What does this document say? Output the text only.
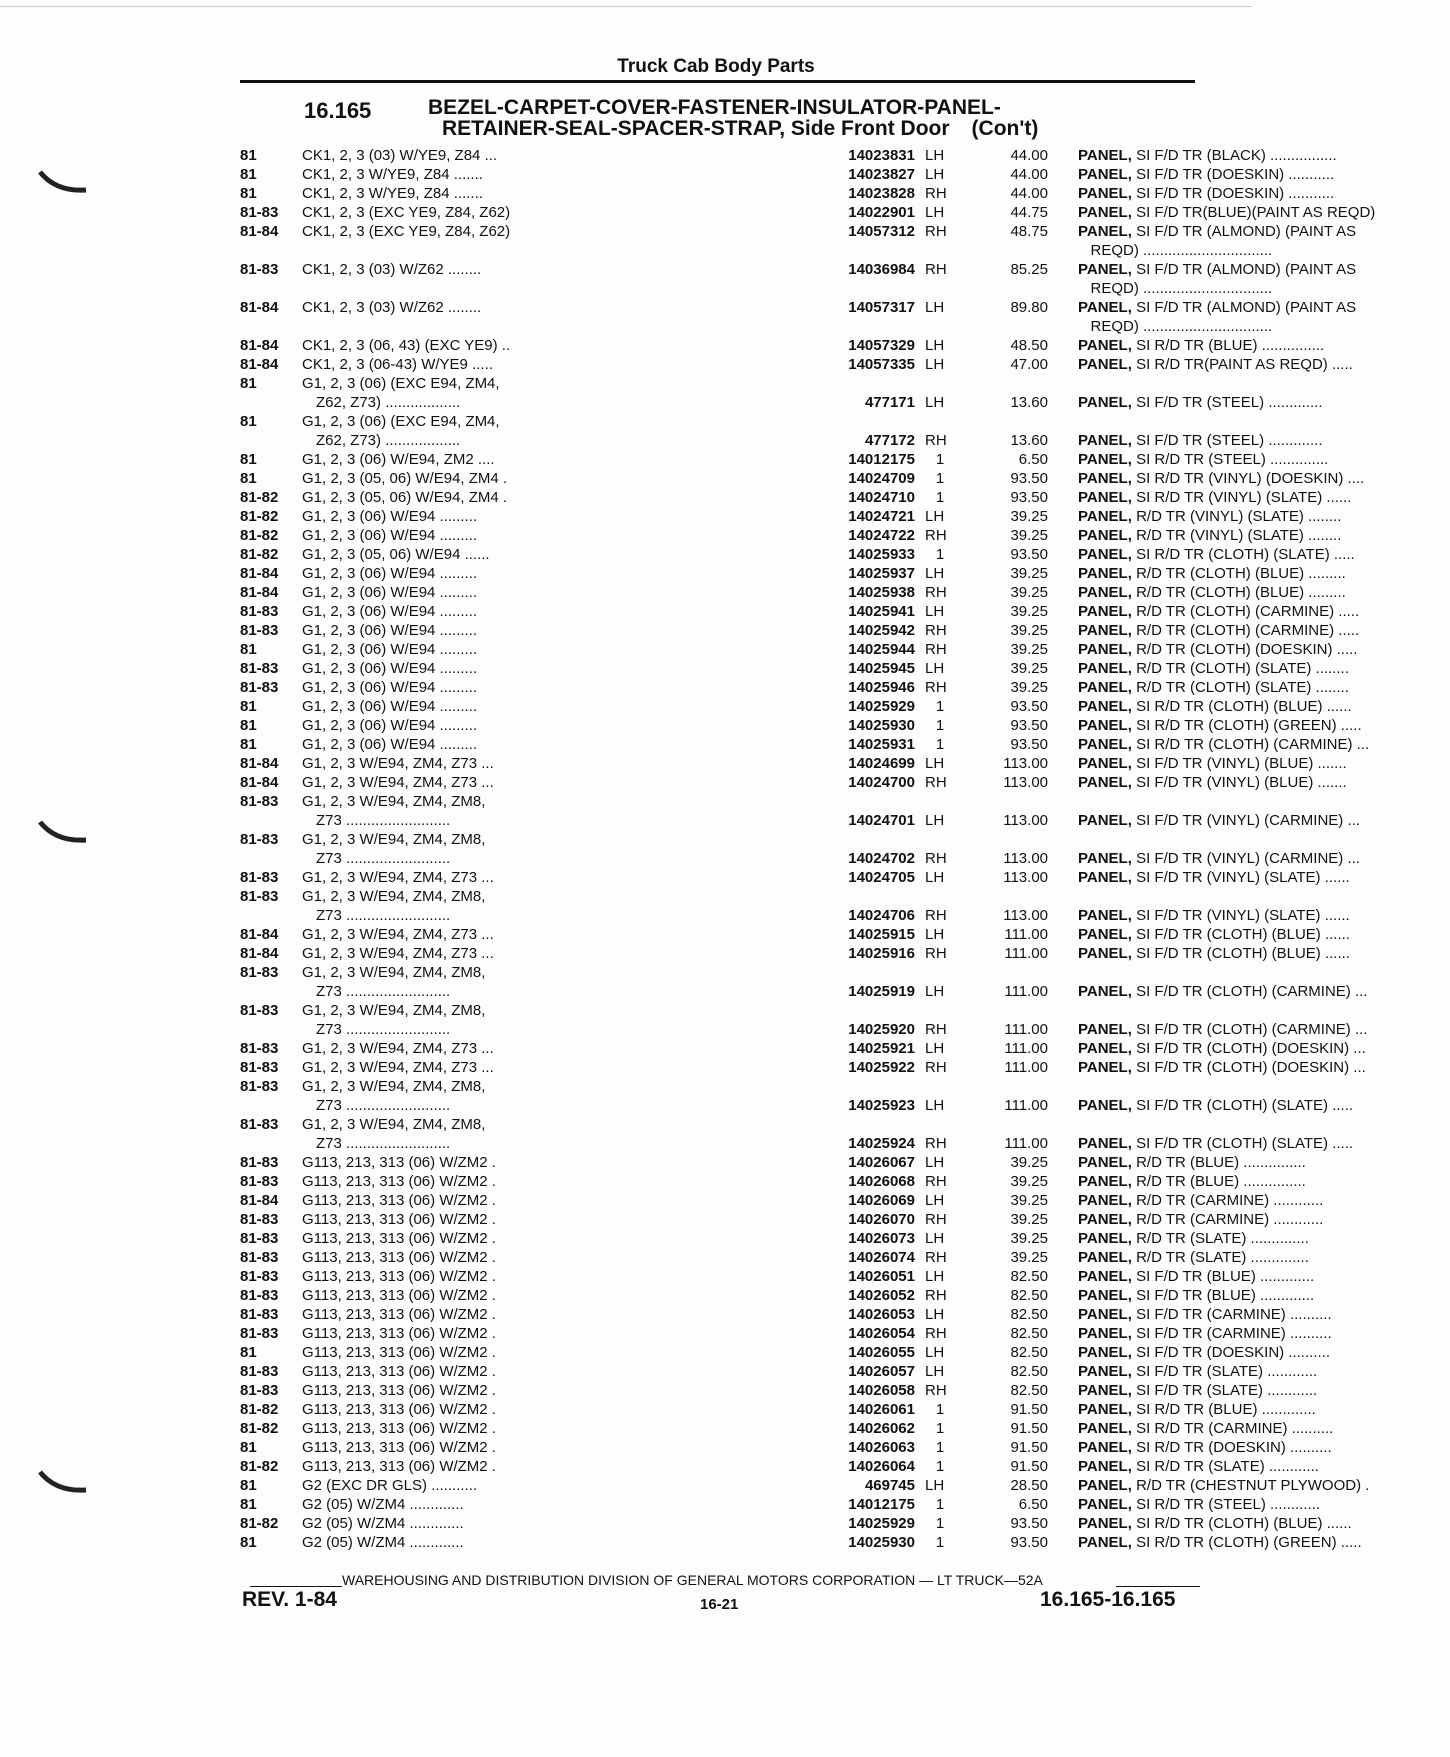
Truck Cab Body Parts
16.165	BEZEL-CARPET-COVER-FASTENER-INSULATOR-PANEL-
RETAINER-SEAL-SPACER-STRAP, Side Front Door (Con't)
81	CK1, 2, 3 (03) W/YE9, Z84 ...	14023831 LH	44.00 PANEL, SI F/D TR (BLACK) ................
81	CK1, 2, 3 W/YE9, Z84 .......	14023827 LH	44.00 PANEL, SI F/D TR (DOESKIN) ...........
81	CK1, 2, 3 W/YE9, Z84 .......	14023828 RH	44.00 PANEL, SI F/D TR (DOESKIN) ...........
81-83	CK1, 2, 3 (EXC YE9, Z84, Z62)	14022901 LH	44.75 PANEL, SI F/D TR(BLUE)(PAINT AS REQD)
81-84	CK1, 2, 3 (EXC YE9, Z84, Z62)	14057312 RH	48.75 PANEL, SI F/D TR (ALMOND) (PAINT AS
REQD) ...............................
81-83	CK1, 2, 3 (03) W/Z62 ........	14036984 RH	85.25 PANEL, SI F/D TR (ALMOND) (PAINT AS
REQD) ...............................
81-84	CK1, 2, 3 (03) W/Z62 ........	14057317 LH	89.80 PANEL, SI F/D TR (ALMOND) (PAINT AS
REQD) ...............................
81-84	CK1, 2, 3 (06, 43) (EXC YE9) ..	14057329 LH	48.50 PANEL, SI R/D TR (BLUE) ...............
81-84	CK1, 2, 3 (06-43) W/YE9 .....	14057335 LH	47.00 PANEL, SI R/D TR(PAINT AS REQD) .....
81	G1, 2, 3 (06) (EXC E94, ZM4,
Z62, Z73) ..................	477171 LH	13.60 PANEL, SI F/D TR (STEEL) .............
81	G1, 2, 3 (06) (EXC E94, ZM4,
Z62, Z73) ..................	477172 RH	13.60 PANEL, SI F/D TR (STEEL) .............
81	G1, 2, 3 (06) W/E94, ZM2 ....	14012175	1	6.50 PANEL, SI R/D TR (STEEL) ..............
81	G1, 2, 3 (05, 06) W/E94, ZM4 .	14024709	1	93.50 PANEL, SI R/D TR (VINYL) (DOESKIN) ....
81-82	G1, 2, 3 (05, 06) W/E94, ZM4 .	14024710	1	93.50 PANEL, SI R/D TR (VINYL) (SLATE) ......
81-82	G1, 2, 3 (06) W/E94 .........	14024721 LH	39.25 PANEL, R/D TR (VINYL) (SLATE) ........
81-82	G1, 2, 3 (06) W/E94 .........	14024722 RH	39.25 PANEL, R/D TR (VINYL) (SLATE) ........
81-82	G1, 2, 3 (05, 06) W/E94 ......	14025933	1	93.50 PANEL, SI R/D TR (CLOTH) (SLATE) .....
81-84	G1, 2, 3 (06) W/E94 .........	14025937 LH	39.25 PANEL, R/D TR (CLOTH) (BLUE) .........
81-84	G1, 2, 3 (06) W/E94 .........	14025938 RH	39.25 PANEL, R/D TR (CLOTH) (BLUE) .........
81-83	G1, 2, 3 (06) W/E94 .........	14025941 LH	39.25 PANEL, R/D TR (CLOTH) (CARMINE) .....
81-83	G1, 2, 3 (06) W/E94 .........	14025942 RH	39.25 PANEL, R/D TR (CLOTH) (CARMINE) .....
81	G1, 2, 3 (06) W/E94 .........	14025944 RH	39.25 PANEL, R/D TR (CLOTH) (DOESKIN) .....
81-83	G1, 2, 3 (06) W/E94 .........	14025945 LH	39.25 PANEL, R/D TR (CLOTH) (SLATE) ........
81-83	G1, 2, 3 (06) W/E94 .........	14025946 RH	39.25 PANEL, R/D TR (CLOTH) (SLATE) ........
81	G1, 2, 3 (06) W/E94 .........	14025929	1	93.50 PANEL, SI R/D TR (CLOTH) (BLUE) ......
81	G1, 2, 3 (06) W/E94 .........	14025930	1	93.50 PANEL, SI R/D TR (CLOTH) (GREEN) .....
81	G1, 2, 3 (06) W/E94 .........	14025931	1	93.50 PANEL, SI R/D TR (CLOTH) (CARMINE) ...
81-84	G1, 2, 3 W/E94, ZM4, Z73 ...	14024699 LH	113.00 PANEL, SI F/D TR (VINYL) (BLUE) .......
81-84	G1, 2, 3 W/E94, ZM4, Z73 ...	14024700 RH	113.00 PANEL, SI F/D TR (VINYL) (BLUE) .......
81-83	G1, 2, 3 W/E94, ZM4, ZM8,
Z73 .........................	14024701 LH	113.00 PANEL, SI F/D TR (VINYL) (CARMINE) ...
81-83	G1, 2, 3 W/E94, ZM4, ZM8,
Z73 .........................	14024702 RH	113.00 PANEL, SI F/D TR (VINYL) (CARMINE) ...
81-83	G1, 2, 3 W/E94, ZM4, Z73 ...	14024705 LH	113.00 PANEL, SI F/D TR (VINYL) (SLATE) ......
81-83	G1, 2, 3 W/E94, ZM4, ZM8,
Z73 .........................	14024706 RH	113.00 PANEL, SI F/D TR (VINYL) (SLATE) ......
81-84	G1, 2, 3 W/E94, ZM4, Z73 ...	14025915 LH	111.00 PANEL, SI F/D TR (CLOTH) (BLUE) ......
81-84	G1, 2, 3 W/E94, ZM4, Z73 ...	14025916 RH	111.00 PANEL, SI F/D TR (CLOTH) (BLUE) ......
81-83	G1, 2, 3 W/E94, ZM4, ZM8,
Z73 .........................	14025919 LH	111.00 PANEL, SI F/D TR (CLOTH) (CARMINE) ...
81-83	G1, 2, 3 W/E94, ZM4, ZM8,
Z73 .........................	14025920 RH	111.00 PANEL, SI F/D TR (CLOTH) (CARMINE) ...
81-83	G1, 2, 3 W/E94, ZM4, Z73 ...	14025921 LH	111.00 PANEL, SI F/D TR (CLOTH) (DOESKIN) ...
81-83	G1, 2, 3 W/E94, ZM4, Z73 ...	14025922 RH	111.00 PANEL, SI F/D TR (CLOTH) (DOESKIN) ...
81-83	G1, 2, 3 W/E94, ZM4, ZM8,
Z73 .........................	14025923 LH	111.00 PANEL, SI F/D TR (CLOTH) (SLATE) .....
81-83	G1, 2, 3 W/E94, ZM4, ZM8,
Z73 .........................	14025924 RH	111.00 PANEL, SI F/D TR (CLOTH) (SLATE) .....
81-83	G113, 213, 313 (06) W/ZM2 .	14026067 LH	39.25 PANEL, R/D TR (BLUE) ...............
81-83	G113, 213, 313 (06) W/ZM2 .	14026068 RH	39.25 PANEL, R/D TR (BLUE) ...............
81-84	G113, 213, 313 (06) W/ZM2 .	14026069 LH	39.25 PANEL, R/D TR (CARMINE) ............
81-83	G113, 213, 313 (06) W/ZM2 .	14026070 RH	39.25 PANEL, R/D TR (CARMINE) ............
81-83	G113, 213, 313 (06) W/ZM2 .	14026073 LH	39.25 PANEL, R/D TR (SLATE) ..............
81-83	G113, 213, 313 (06) W/ZM2 .	14026074 RH	39.25 PANEL, R/D TR (SLATE) ..............
81-83	G113, 213, 313 (06) W/ZM2 .	14026051 LH	82.50 PANEL, SI F/D TR (BLUE) .............
81-83	G113, 213, 313 (06) W/ZM2 .	14026052 RH	82.50 PANEL, SI F/D TR (BLUE) .............
81-83	G113, 213, 313 (06) W/ZM2 .	14026053 LH	82.50 PANEL, SI F/D TR (CARMINE) ..........
81-83	G113, 213, 313 (06) W/ZM2 .	14026054 RH	82.50 PANEL, SI F/D TR (CARMINE) ..........
81	G113, 213, 313 (06) W/ZM2 .	14026055 LH	82.50 PANEL, SI F/D TR (DOESKIN) ..........
81-83	G113, 213, 313 (06) W/ZM2 .	14026057 LH	82.50 PANEL, SI F/D TR (SLATE) ............
81-83	G113, 213, 313 (06) W/ZM2 .	14026058 RH	82.50 PANEL, SI F/D TR (SLATE) ............
81-82	G113, 213, 313 (06) W/ZM2 .	14026061	1	91.50 PANEL, SI R/D TR (BLUE) .............
81-82	G113, 213, 313 (06) W/ZM2 .	14026062	1	91.50 PANEL, SI R/D TR (CARMINE) ..........
81	G113, 213, 313 (06) W/ZM2 .	14026063	1	91.50 PANEL, SI R/D TR (DOESKIN) ..........
81-82	G113, 213, 313 (06) W/ZM2 .	14026064	1	91.50 PANEL, SI R/D TR (SLATE) ............
81	G2 (EXC DR GLS) ...........	469745 LH	28.50 PANEL, R/D TR (CHESTNUT PLYWOOD) .
81	G2 (05) W/ZM4 .............	14012175	1	6.50 PANEL, SI R/D TR (STEEL) ............
81-82	G2 (05) W/ZM4 .............	14025929	1	93.50 PANEL, SI R/D TR (CLOTH) (BLUE) ......
81	G2 (05) W/ZM4 .............	14025930	1	93.50 PANEL, SI R/D TR (CLOTH) (GREEN) .....
WAREHOUSING AND DISTRIBUTION DIVISION OF GENERAL MOTORS CORPORATION — LT TRUCK—52A
REV. 1-84	16-21	16.165-16.165
